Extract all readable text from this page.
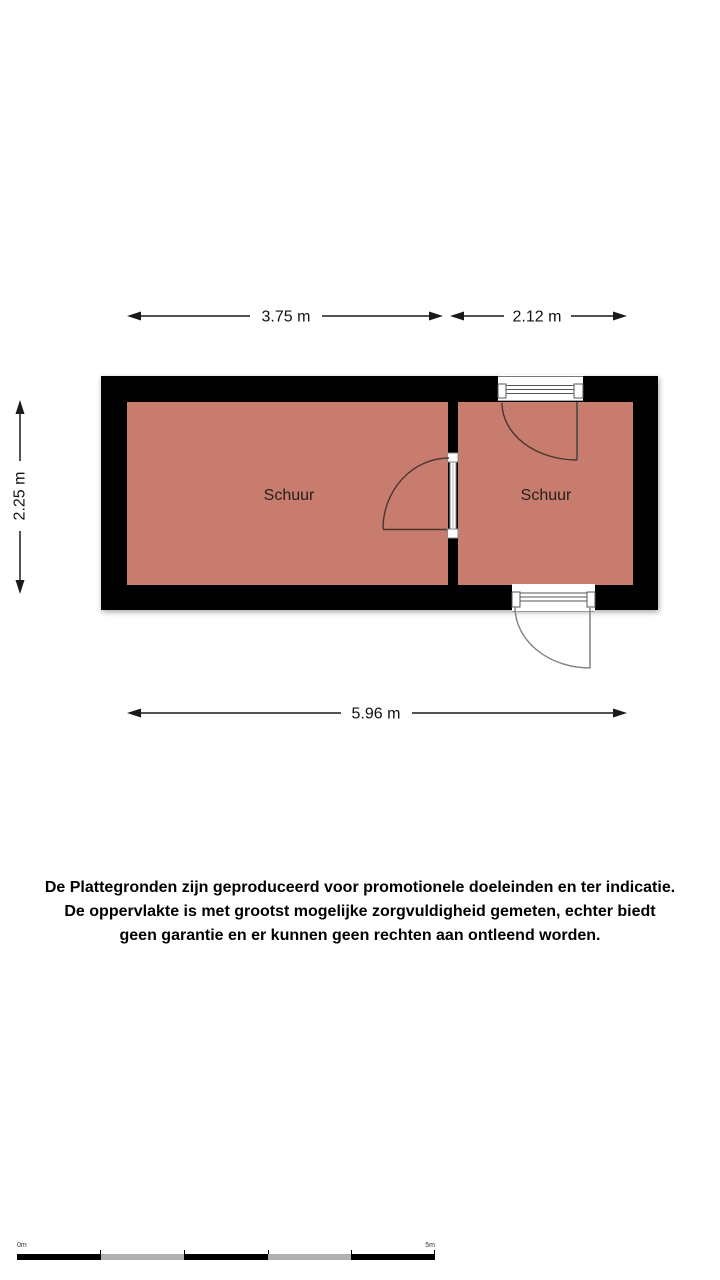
3.75 m	2.12 m
2.25 m	Schuur	Schuur
5.96 m
De Plattegronden zijn geproduceerd voor promotionele doeleinden en ter indicatie.
De oppervlakte is met grootst mogelijke zorgvuldigheid gemeten, echter biedt
geen garantie en er kunnen geen rechten aan ontleend worden.
0m	5m
